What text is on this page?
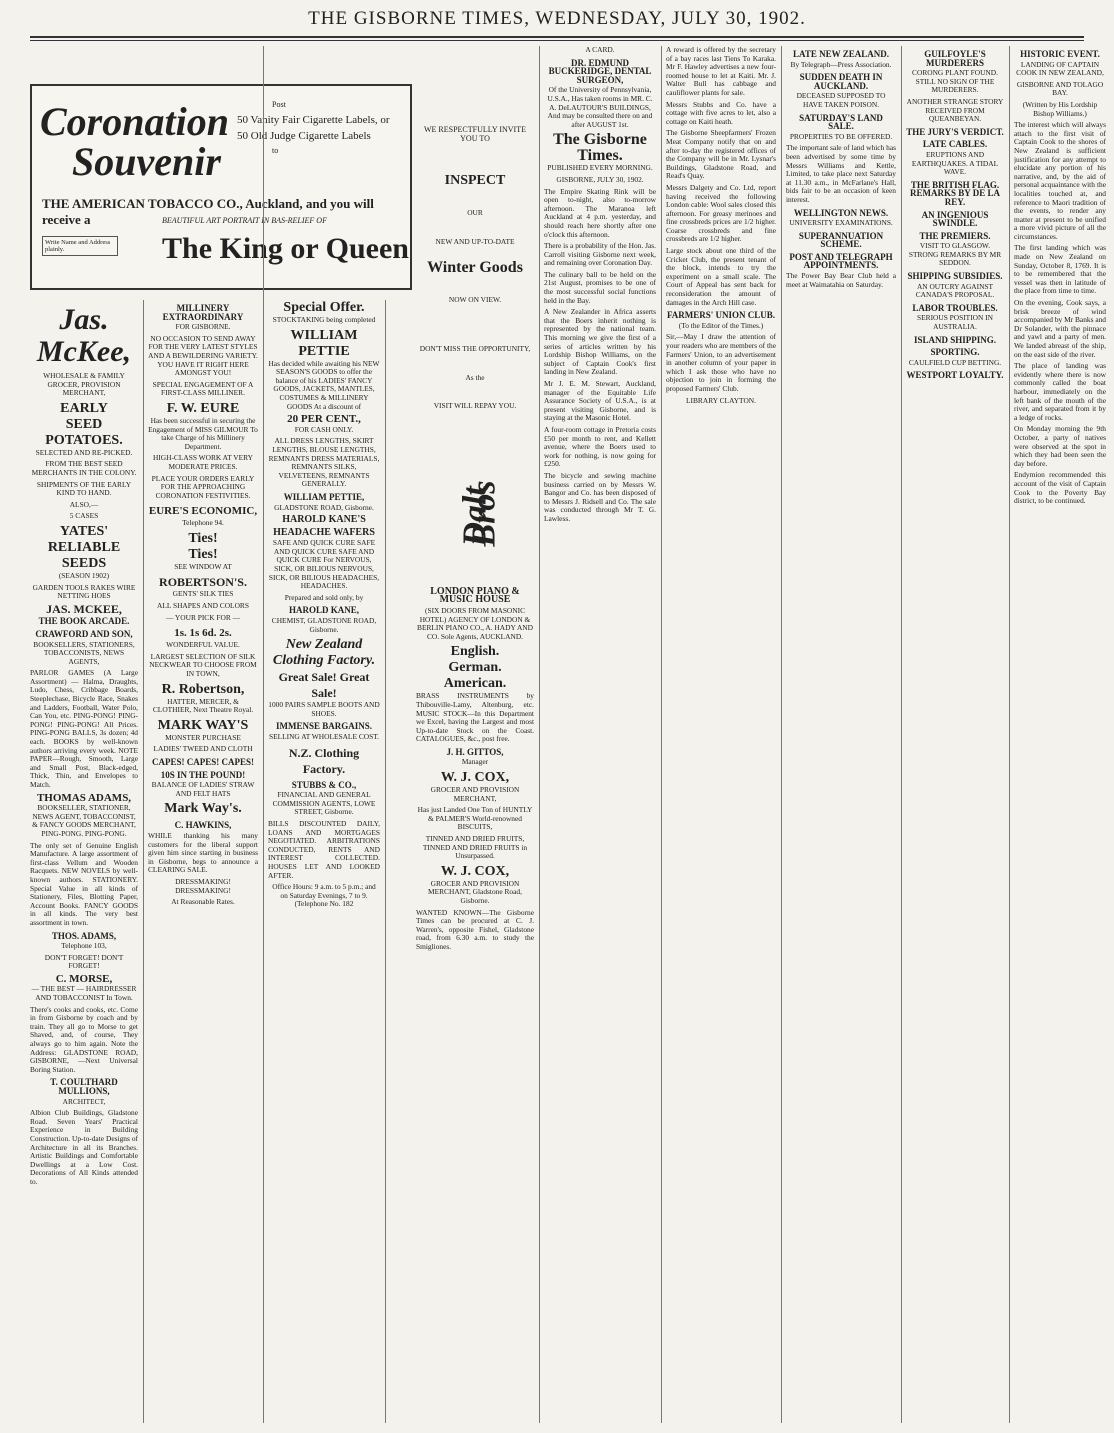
THE GISBORNE TIMES, WEDNESDAY, JULY 30, 1902.
Coronation
Souvenir
Post
50 Vanity Fair Cigarette Labels, or
50 Old Judge Cigarette Labels
to
THE AMERICAN TOBACCO CO., Auckland, and you will receive a	BEAUTIFUL ART PORTRAIT IN BAS-RELIEF OF
The King or Queen
Write Name and Address plainly.
Jas. McKee,
WHOLESALE & FAMILY GROCER, PROVISION MERCHANT,
EARLY
SEED POTATOES.
SELECTED AND RE-PICKED.
FROM THE BEST SEED MERCHANTS IN THE COLONY.
SHIPMENTS OF THE EARLY KIND TO HAND.
ALSO,—
5 CASES
YATES'
RELIABLE SEEDS
(SEASON 1902)
GARDEN TOOLS RAKES WIRE NETTING HOES
JAS. MCKEE,
THE BOOK ARCADE.
CRAWFORD AND SON,
BOOKSELLERS, STATIONERS, TOBACCONISTS, NEWS AGENTS,

PARLOR GAMES (A Large Assortment) — Halma, Draughts, Ludo, Chess, Cribbage Boards, Steeplechase, Bicycle Race, Snakes and Ladders, Football, Water Polo, Can You, etc. PING-PONG! PING-PONG! PING-PONG! All Prices. PING-PONG BALLS, 3s dozen; 4d each. BOOKS by well-known authors arriving every week. NOTE PAPER—Rough, Smooth, Large and Small Post, Black-edged, Thick, Thin, and Envelopes to Match.

THOMAS ADAMS,
BOOKSELLER, STATIONER, NEWS AGENT, TOBACCONIST, & FANCY GOODS MERCHANT, PING-PONG. PING-PONG.

The only set of Genuine English Manufacture. A large assortment of first-class Vellum and Wooden Racquets. NEW NOVELS by well-known authors. STATIONERY. Special Value in all kinds of Stationery, Files, Blotting Paper, Account Books. FANCY GOODS in all kinds. The very best assortment in town.

THOS. ADAMS,
Telephone 103,
DON'T FORGET! DON'T FORGET!
C. MORSE,
— THE BEST — HAIRDRESSER AND TOBACCONIST In Town.

There's cooks and cooks, etc. Come in from Gisborne by coach and by train. They all go to Morse to get Shaved, and, of course, They always go to him again. Note the Address: GLADSTONE ROAD, GISBORNE, —Next Universal Boring Station.

T. COULTHARD MULLIONS,
ARCHITECT,

Albion Club Buildings, Gladstone Road. Seven Years' Practical Experience in Building Construction. Up-to-date Designs of Architecture in all its Branches. Artistic Buildings and Comfortable Dwellings at a Low Cost. Decorations of All Kinds attended to.

MILLINERY EXTRAORDINARY
FOR GISBORNE.
NO OCCASION TO SEND AWAY FOR THE VERY LATEST STYLES AND A BEWILDERING VARIETY. YOU HAVE IT RIGHT HERE AMONGST YOU!
SPECIAL ENGAGEMENT OF A FIRST-CLASS MILLINER.
F. W. EURE
Has been successful in securing the Engagement of MISS GILMOUR To take Charge of his Millinery Department.
HIGH-CLASS WORK AT VERY MODERATE PRICES.
PLACE YOUR ORDERS EARLY FOR THE APPROACHING CORONATION FESTIVITIES.
EURE'S ECONOMIC,
Telephone 94.
Ties!
Ties!
SEE WINDOW AT
ROBERTSON'S.
GENTS' SILK TIES
ALL SHAPES AND COLORS
— YOUR PICK FOR —
1s. 1s 6d. 2s.
WONDERFUL VALUE.
LARGEST SELECTION OF SILK NECKWEAR TO CHOOSE FROM IN TOWN,
R. Robertson,
HATTER, MERCER, & CLOTHIER, Next Theatre Royal.
MARK WAY'S
MONSTER PURCHASE
LADIES' TWEED AND CLOTH
CAPES! CAPES! CAPES!
10S IN THE POUND!
BALANCE OF LADIES' STRAW AND FELT HATS
Mark Way's.
C. HAWKINS,

WHILE thanking his many customers for the liberal support given him since starting in business in Gisborne, begs to announce a CLEARING SALE.

DRESSMAKING! DRESSMAKING!
At Reasonable Rates.
Special Offer.
STOCKTAKING being completed
WILLIAM
PETTIE
Has decided while awaiting his NEW SEASON'S GOODS to offer the balance of his LADIES' FANCY GOODS, JACKETS, MANTLES, COSTUMES & MILLINERY GOODS At a discount of
20 PER CENT.,
FOR CASH ONLY.
ALL DRESS LENGTHS, SKIRT LENGTHS, BLOUSE LENGTHS, REMNANTS DRESS MATERIALS, REMNANTS SILKS, VELVETEENS, REMNANTS GENERALLY.
WILLIAM PETTIE,
GLADSTONE ROAD, Gisborne.
HAROLD KANE'S
HEADACHE WAFERS
SAFE AND QUICK CURE SAFE AND QUICK CURE SAFE AND QUICK CURE For NERVOUS, SICK, OR BILIOUS NERVOUS, SICK, OR BILIOUS HEADACHES, HEADACHES.
Prepared and sold only, by
HAROLD KANE,
CHEMIST, GLADSTONE ROAD, Gisborne.
New Zealand Clothing Factory.
Great Sale! Great Sale!
1000 PAIRS SAMPLE BOOTS AND SHOES.
IMMENSE BARGAINS.
SELLING AT WHOLESALE COST.
N.Z. Clothing Factory.
STUBBS & CO.,
FINANCIAL AND GENERAL COMMISSION AGENTS, LOWE STREET, Gisborne.

BILLS DISCOUNTED DAILY, LOANS AND MORTGAGES NEGOTIATED. ARBITRATIONS CONDUCTED, RENTS AND INTEREST COLLECTED. HOUSES LET AND LOOKED AFTER.

Office Hours: 9 a.m. to 5 p.m.; and on Saturday Evenings, 7 to 9. (Telephone No. 182
WE RESPECTFULLY INVITE YOU TO
INSPECT
OUR
NEW AND UP-TO-DATE
Winter Goods
NOW ON VIEW.
DON'T MISS THE OPPORTUNITY,
As the
VISIT WILL REPAY YOU.
Dalt Bros
LONDON PIANO & MUSIC HOUSE
(SIX DOORS FROM MASONIC HOTEL) AGENCY OF LONDON & BERLIN PIANO CO., A. HADY AND CO. Sole Agents, AUCKLAND.
English.
German.
American.

BRASS INSTRUMENTS by Thibouville-Lamy, Altenburg, etc. MUSIC STOCK—In this Department we Excel, having the Largest and most Up-to-date Stock on the Coast. CATALOGUES, &c., post free.

J. H. GITTOS,
Manager
W. J. COX,
GROCER AND PROVISION MERCHANT,
Has just Landed One Ton of HUNTLY & PALMER'S World-renowned BISCUITS,
TINNED AND DRIED FRUITS, TINNED AND DRIED FRUITS in Unsurpassed.
W. J. COX,
GROCER AND PROVISION MERCHANT, Gladstone Road, Gisborne.

WANTED KNOWN—The Gisborne Times can be procured at C. J. Warren's, opposite Fishel, Gladstone road, from 6.30 a.m. to study the Smigliones.

A CARD.
DR. EDMUND BUCKERIDGE, DENTAL SURGEON,
Of the University of Pennsylvania, U.S.A., Has taken rooms in MR. C. A. DeLAUTOUR'S BUILDINGS, And may be consulted there on and after AUGUST 1st.
The Gisborne Times.
PUBLISHED EVERY MORNING.
GISBORNE, JULY 30, 1902.

The Empire Skating Rink will be open to-night, also to-morrow afternoon. The Maranoa left Auckland at 4 p.m. yesterday, and should reach here shortly after one o'clock this afternoon.

There is a probability of the Hon. Jas. Carroll visiting Gisborne next week, and remaining over Coronation Day.

The culinary ball to be held on the 21st August, promises to be one of the most successful social functions held in the Bay.

A New Zealander in Africa asserts that the Boers inherit nothing is represented by the national team. This morning we give the first of a series of articles written by his Lordship Bishop Williams, on the subject of Captain Cook's first landing in New Zealand.

Mr J. E. M. Stewart, Auckland, manager of the Equitable Life Assurance Society of U.S.A., is at present visiting Gisborne, and is staying at the Masonic Hotel.

A four-room cottage in Pretoria costs £50 per month to rent, and Kellett avenue, where the Boers used to work for nothing, is now going for £250.

The bicycle and sewing machine business carried on by Messrs W. Bangor and Co. has been disposed of to Messrs J. Ridsell and Co. The sale was conducted through Mr T. G. Lawless.

A reward is offered by the secretary of a bay races last Tiens To Karaka. Mr F. Hawley advertises a new four-roomed house to let at Kaiti. Mr. J. Walter Bull has cabbage and cauliflower plants for sale.

Messrs Stubbs and Co. have a cottage with five acres to let, also a cottage on Kaiti heath.

The Gisborne Sheepfarmers' Frozen Meat Company notify that on and after to-day the registered offices of the Company will be in Mr. Lysnar's Buildings, Gladstone Road, and Read's Quay.

Messrs Dalgety and Co. Ltd, report having received the following London cable: Wool sales closed this afternoon. For greasy merinoes and fine crossbreds prices are 1/2 higher. Coarse crossbreds and fine crossbreds are 1/2 higher.

Large stock about one third of the Cricket Club, the present tenant of the block, intends to try the experiment on a small scale. The Court of Appeal has sent back for reconsideration the amount of damages in the Arch Hill case.

FARMERS' UNION CLUB.
(To the Editor of the Times.)

Sir,—May I draw the attention of your readers who are members of the Farmers' Union, to an advertisement in another column of your paper in which I ask those who have no objection to join in forming the proposed Farmers' Club.

LIBRARY CLAYTON.
LATE NEW ZEALAND.
By Telegraph—Press Association.
SUDDEN DEATH IN AUCKLAND.
DECEASED SUPPOSED TO HAVE TAKEN POISON.
SATURDAY'S LAND SALE.
PROPERTIES TO BE OFFERED.

The important sale of land which has been advertised by some time by Messrs Williams and Kettle, Limited, to take place next Saturday at 11.30 a.m., in McFarlane's Hall, bids fair to be an occasion of keen interest.

WELLINGTON NEWS.
UNIVERSITY EXAMINATIONS.
SUPERANNUATION SCHEME.
POST AND TELEGRAPH APPOINTMENTS.

The Power Bay Bear Club held a meet at Waimatahia on Saturday.

GUILFOYLE'S MURDERERS
CORONG PLANT FOUND. STILL NO SIGN OF THE MURDERERS.
ANOTHER STRANGE STORY RECEIVED FROM QUEANBEYAN.
THE JURY'S VERDICT.
LATE CABLES.
ERUPTIONS AND EARTHQUAKES. A TIDAL WAVE.
THE BRITISH FLAG. REMARKS BY DE LA REY.
AN INGENIOUS SWINDLE.
THE PREMIERS.
VISIT TO GLASGOW. STRONG REMARKS BY MR SEDDON.
SHIPPING SUBSIDIES.
AN OUTCRY AGAINST CANADA'S PROPOSAL.
LABOR TROUBLES.
SERIOUS POSITION IN AUSTRALIA.
ISLAND SHIPPING.
SPORTING.
CAULFIELD CUP BETTING.
WESTPORT LOYALTY.
HISTORIC EVENT.
LANDING OF CAPTAIN COOK IN NEW ZEALAND,
GISBORNE AND TOLAGO BAY.
(Written by His Lordship Bishop Williams.)

The interest which will always attach to the first visit of Captain Cook to the shores of New Zealand is sufficient justification for any attempt to elucidate any portion of his narrative, and, by the aid of personal acquaintance with the localities touched at, and reference to Maori tradition of the events, to render any matter at present to be unified a more vivid picture of all the circumstances.

The first landing which was made on New Zealand on Sunday, October 8, 1769. It is to be remembered that the vessel was then in latitude of the place from time to time.

On the evening, Cook says, a brisk breeze of wind accompanied by Mr Banks and Dr Solander, with the pinnace and yawl and a party of men. We landed abreast of the ship, on the east side of the river.

The place of landing was evidently where there is now commonly called the boat harbour, immediately on the left bank of the mouth of the river, and separated from it by a ledge of rocks.

On Monday morning the 9th October, a party of natives were observed at the spot in which they had been seen the day before.

Endymion recommended this account of the visit of Captain Cook to the Poverty Bay district, to be continued.
